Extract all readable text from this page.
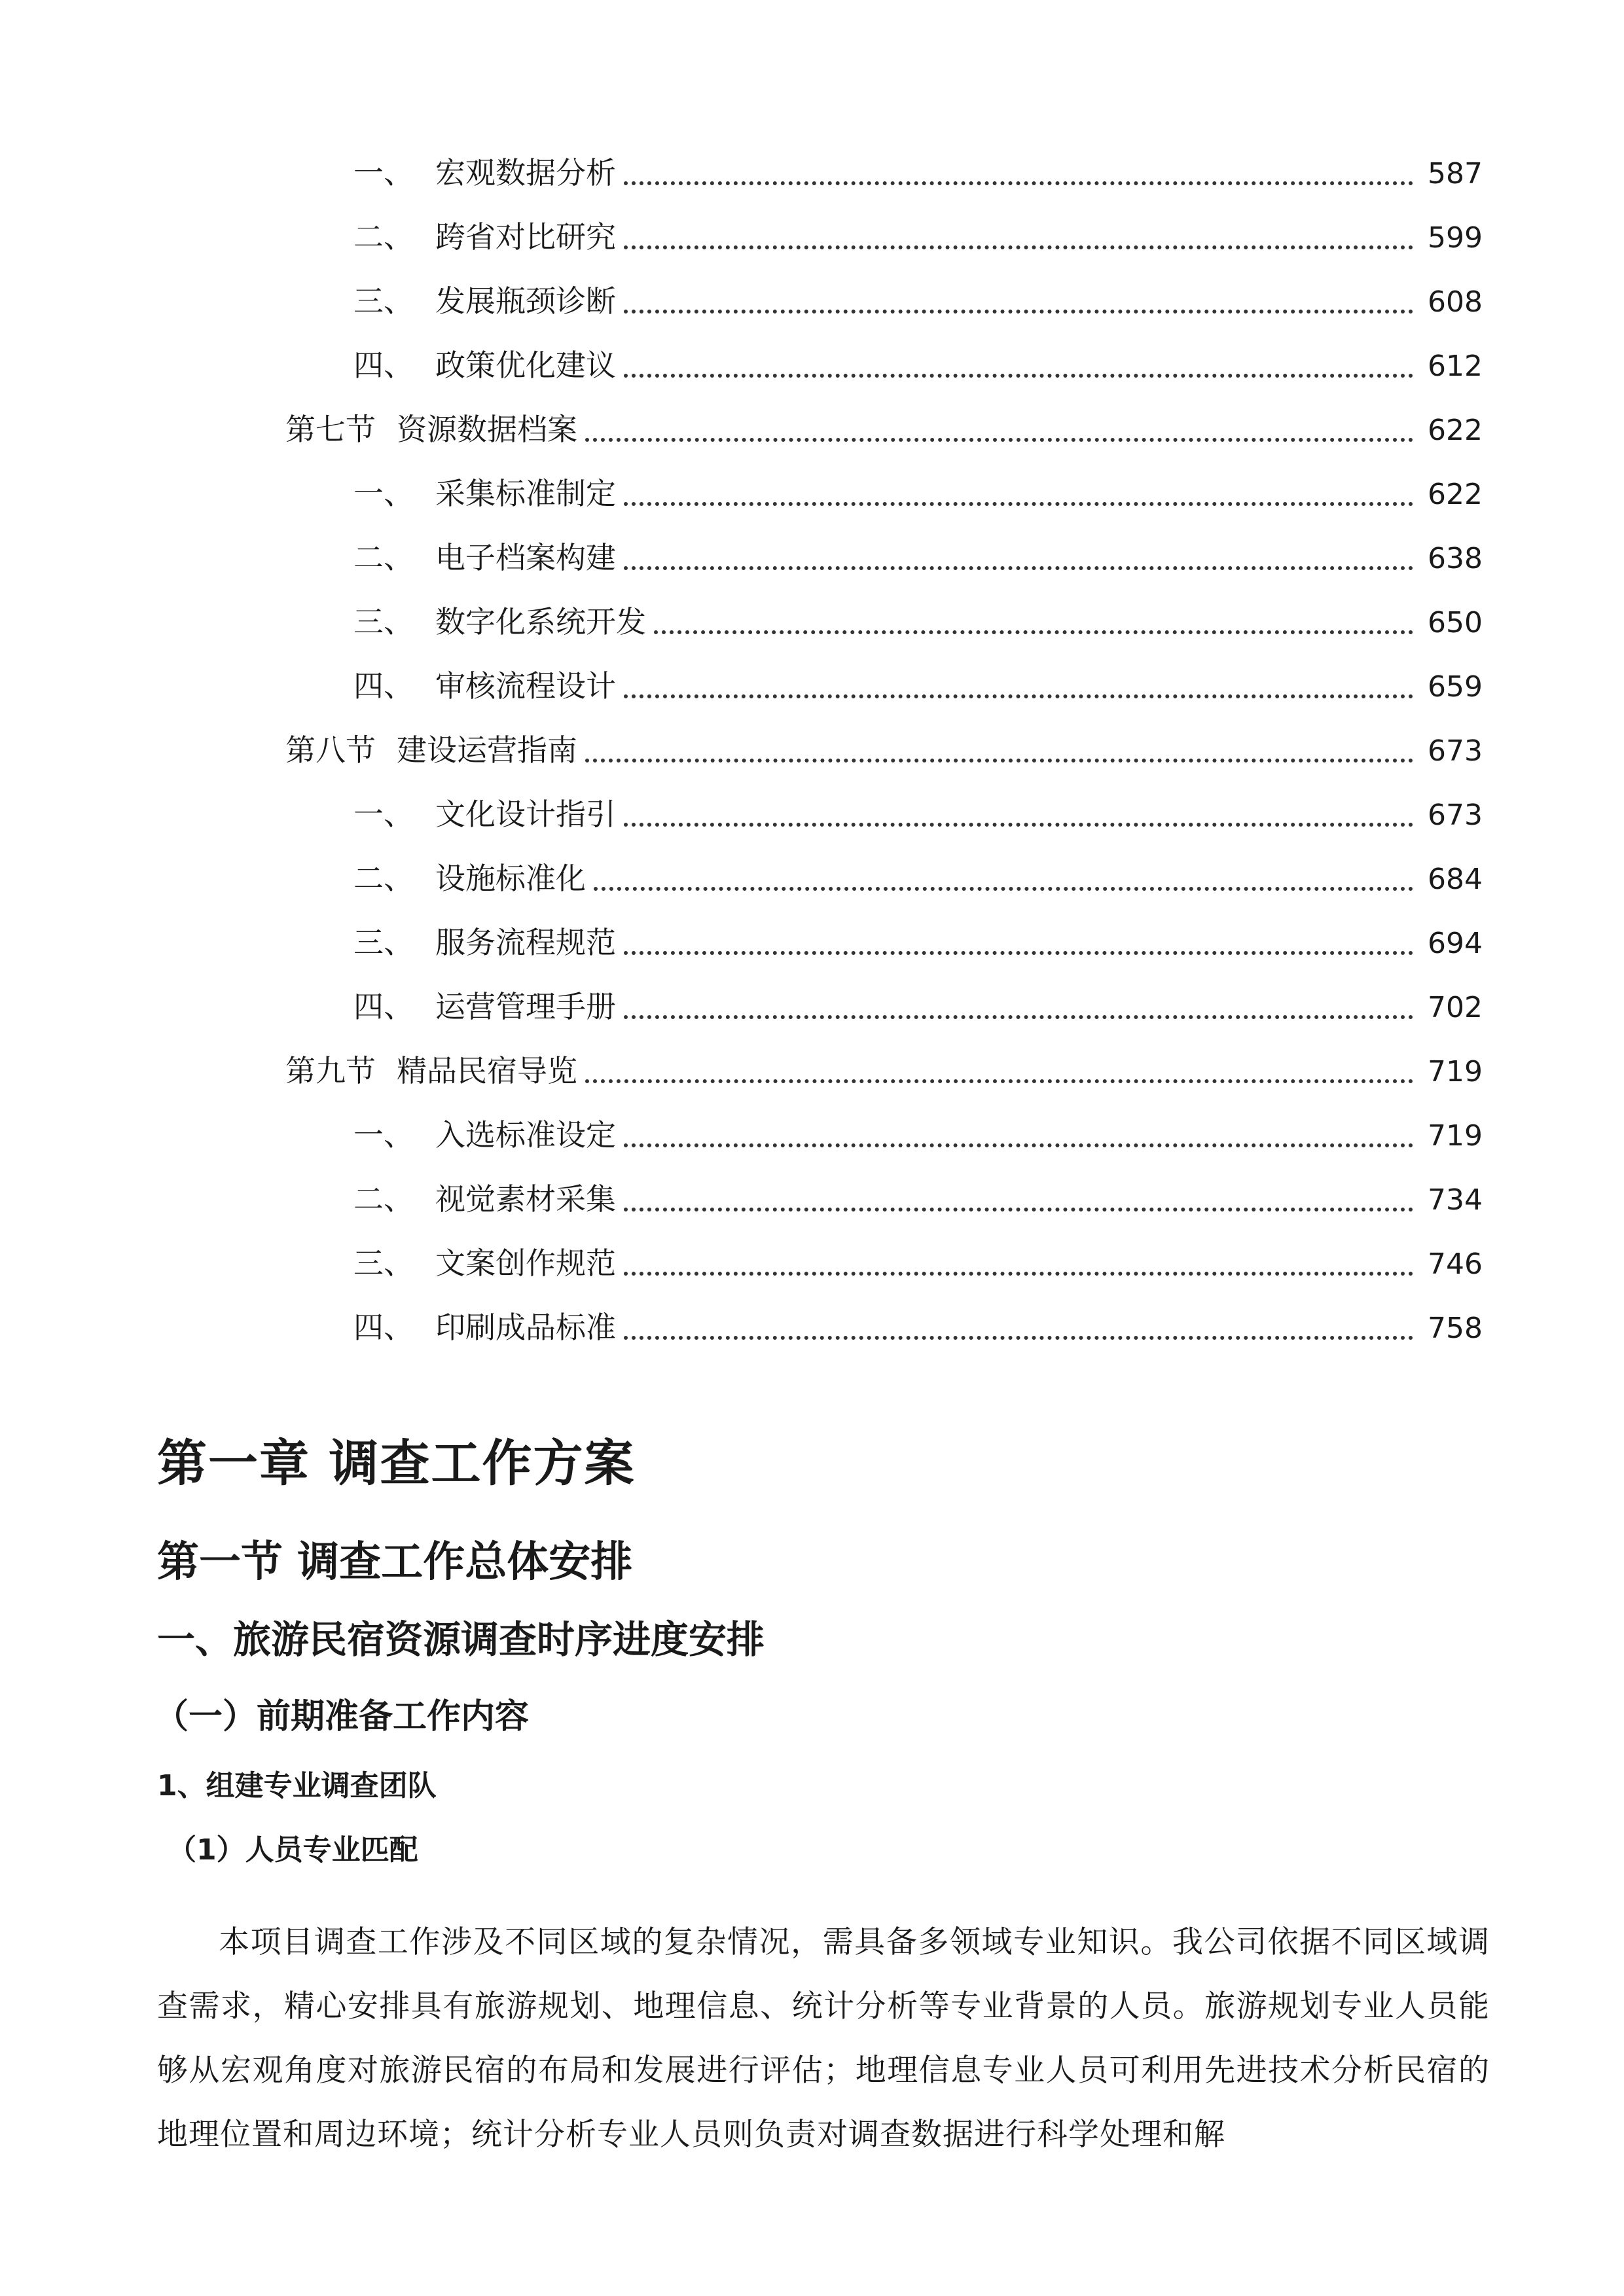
一、 宏观数据分析	587
二、 跨省对比研究	599
三、 发展瓶颈诊断	608
四、 政策优化建议	612
第七节 资源数据档案	622
一、 采集标准制定	622
二、 电子档案构建	638
三、 数字化系统开发	650
四、 审核流程设计	659
第八节 建设运营指南	673
一、 文化设计指引	673
二、 设施标准化	684
三、 服务流程规范	694
四、 运营管理手册	702
第九节 精品民宿导览	719
一、 入选标准设定	719
二、 视觉素材采集	734
三、 文案创作规范	746
四、 印刷成品标准	758
第一章 调查工作方案
第一节 调查工作总体安排
一、旅游民宿资源调查时序进度安排
（一）前期准备工作内容
1、组建专业调查团队
（1）人员专业匹配

本项目调查工作涉及不同区域的复杂情况，需具备多领域专业知识。我公司依据不同区域调查需求，精心安排具有旅游规划、地理信息、统计分析等专业背景的人员。旅游规划专业人员能够从宏观角度对旅游民宿的布局和发展进行评估；地理信息专业人员可利用先进技术分析民宿的地理位置和周边环境；统计分析专业人员则负责对调查数据进行科学处理和解
